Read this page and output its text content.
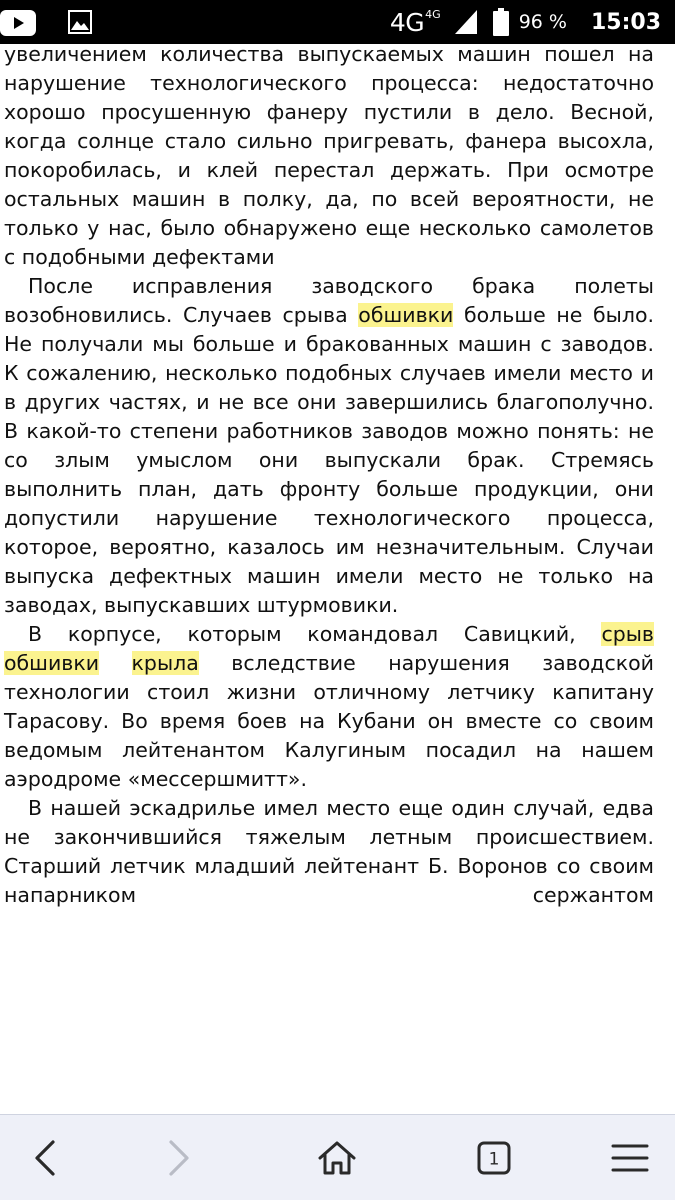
4G 4G	96 % 15:03

увеличением количества выпускаемых машин пошел на нарушение технологического процесса: недостаточно хорошо просушенную фанеру пустили в дело. Весной, когда солнце стало сильно пригревать, фанера высохла, покоробилась, и клей перестал держать. При осмотре остальных машин в полку, да, по всей вероятности, не только у нас, было обнаружено еще несколько самолетов с подобными дефектами

После исправления заводского брака полеты возобновились. Случаев срыва обшивки больше не было. Не получали мы больше и бракованных машин с заводов. К сожалению, несколько подобных случаев имели место и в других частях, и не все они завершились благополучно. В какой-то степени работников заводов можно понять: не со злым умыслом они выпускали брак. Стремясь выполнить план, дать фронту больше продукции, они допустили нарушение технологического процесса, которое, вероятно, казалось им незначительным. Случаи выпуска дефектных машин имели место не только на заводах, выпускавших штурмовики.

В корпусе, которым командовал Савицкий, срыв обшивки крыла вследствие нарушения заводской технологии стоил жизни отличному летчику капитану Тарасову. Во время боев на Кубани он вместе со своим ведомым лейтенантом Калугиным посадил на нашем аэродроме «мессершмитт».

В нашей эскадрилье имел место еще один случай, едва не закончившийся тяжелым летным происшествием. Старший летчик младший лейтенант Б. Воронов со своим напарником сержантом

1
